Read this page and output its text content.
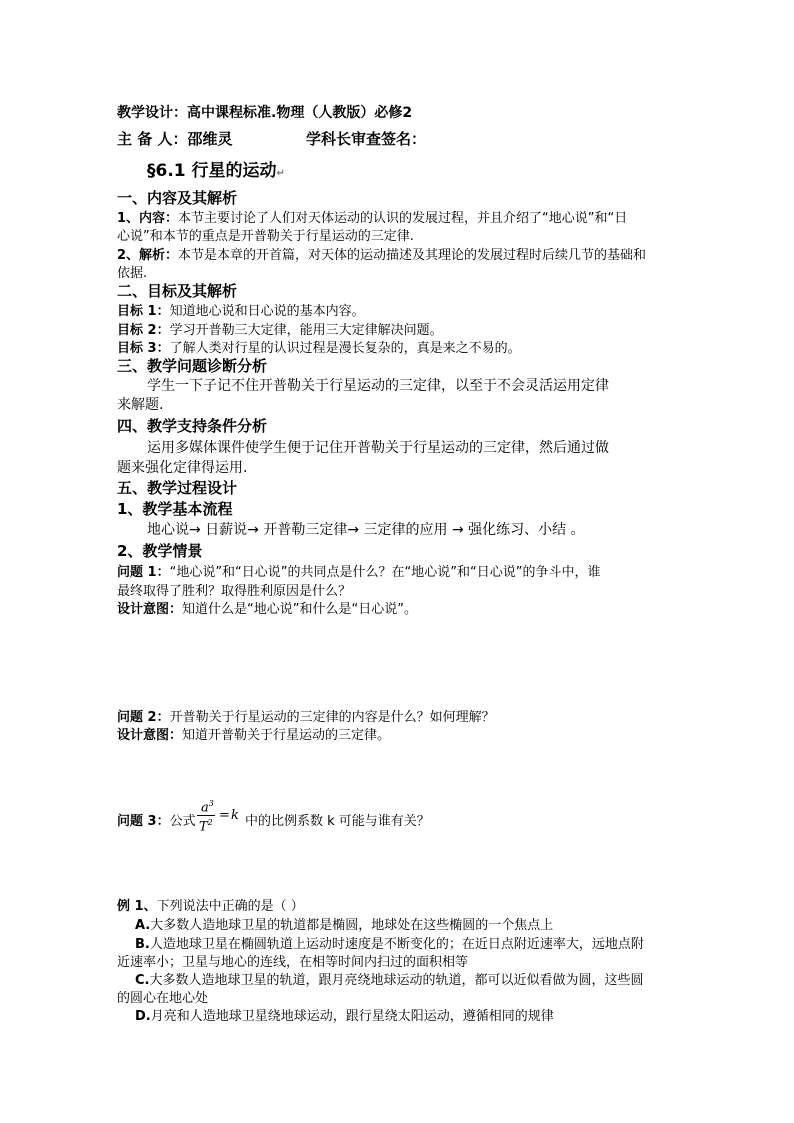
教学设计：高中课程标准.物理（人教版）必修2
主 备 人：邵维灵	学科长审查签名：
§6.1 行星的运动↵
一、内容及其解析
1、内容：本节主要讨论了人们对天体运动的认识的发展过程，并且介绍了“地心说”和“日
心说”和本节的重点是开普勒关于行星运动的三定律.
2、解析：本节是本章的开首篇，对天体的运动描述及其理论的发展过程时后续几节的基础和
依据.
二、目标及其解析
目标 1：知道地心说和日心说的基本内容。
目标 2：学习开普勒三大定律，能用三大定律解决问题。
目标 3：了解人类对行星的认识过程是漫长复杂的，真是来之不易的。
三、教学问题诊断分析
学生一下子记不住开普勒关于行星运动的三定律，以至于不会灵活运用定律
来解题.
四、教学支持条件分析
运用多媒体课件使学生便于记住开普勒关于行星运动的三定律，然后通过做
题来强化定律得运用.
五、教学过程设计
1、教学基本流程
地心说→ 日薪说→ 开普勒三定律→ 三定律的应用 → 强化练习、小结 。
2、教学情景
问题 1：“地心说”和“日心说”的共同点是什么？在“地心说”和“日心说”的争斗中，谁
最终取得了胜利？取得胜利原因是什么？
设计意图：知道什么是“地心说”和什么是“日心说”。
问题 2：开普勒关于行星运动的三定律的内容是什么？如何理解？
设计意图：知道开普勒关于行星运动的三定律。
问题 3：公式
$a^3$
$T^2 = k$ 中的比例系数 k 可能与谁有关？
例 1、下列说法中正确的是（ ）
A.大多数人造地球卫星的轨道都是椭圆，地球处在这些椭圆的一个焦点上
B.人造地球卫星在椭圆轨道上运动时速度是不断变化的；在近日点附近速率大，远地点附
近速率小；卫星与地心的连线，在相等时间内扫过的面积相等
C.大多数人造地球卫星的轨道，跟月亮绕地球运动的轨道，都可以近似看做为圆，这些圆
的圆心在地心处
D.月亮和人造地球卫星绕地球运动，跟行星绕太阳运动，遵循相同的规律
